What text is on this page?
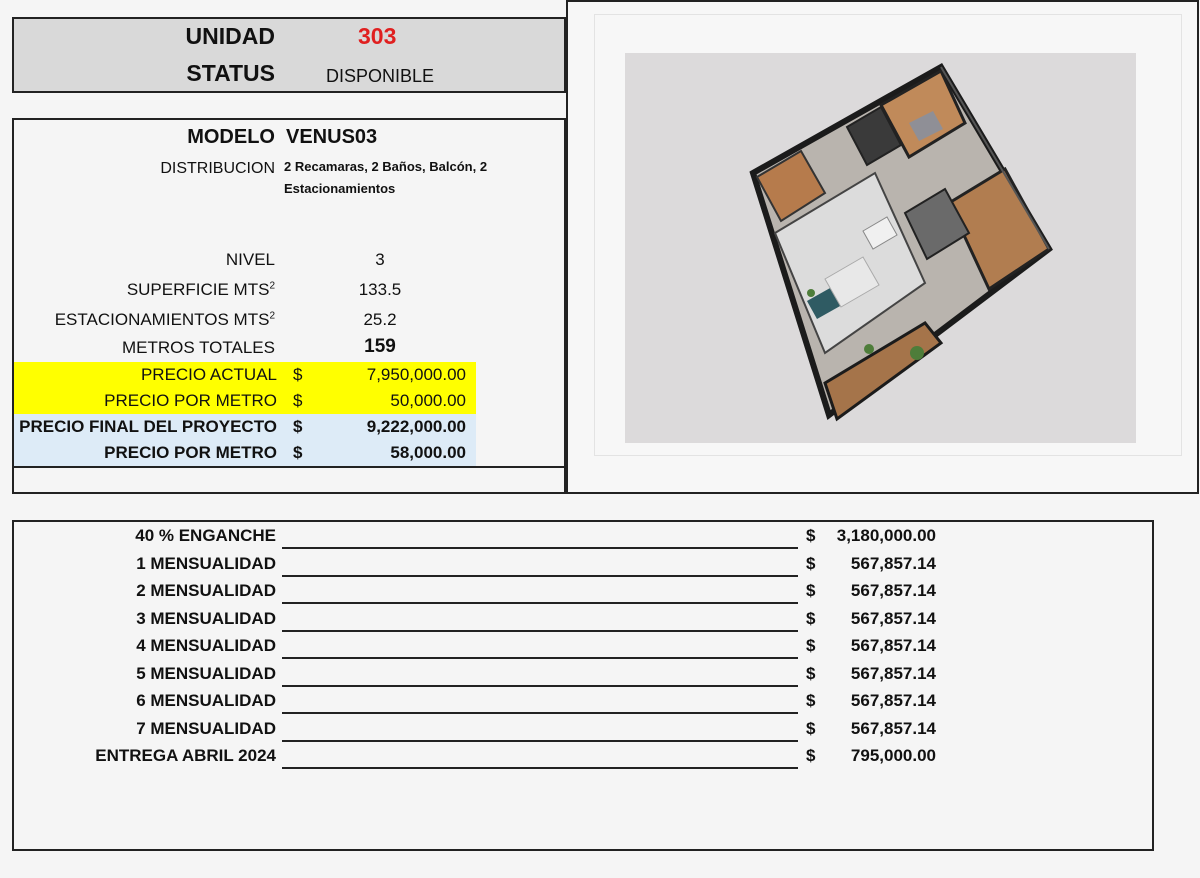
UNIDAD	303
STATUS	DISPONIBLE
MODELO VENUS03
DISTRIBUCION 2 Recamaras, 2 Baños, Balcón, 2
Estacionamientos
NIVEL	3
SUPERFICIE MTS$^2$	133.5
ESTACIONAMIENTOS MTS$^2$	25.2
METROS TOTALES	159
PRECIO ACTUAL $	7,950,000.00
PRECIO POR METRO $	50,000.00
PRECIO FINAL DEL PROYECTO $	9,222,000.00
PRECIO POR METRO $	58,000.00
40 % ENGANCHE	$ 3,180,000.00
1 MENSUALIDAD	$ 567,857.14
2 MENSUALIDAD	$ 567,857.14
3 MENSUALIDAD	$ 567,857.14
4 MENSUALIDAD	$ 567,857.14
5 MENSUALIDAD	$ 567,857.14
6 MENSUALIDAD	$ 567,857.14
7 MENSUALIDAD	$ 567,857.14
ENTREGA ABRIL 2024	$ 795,000.00
